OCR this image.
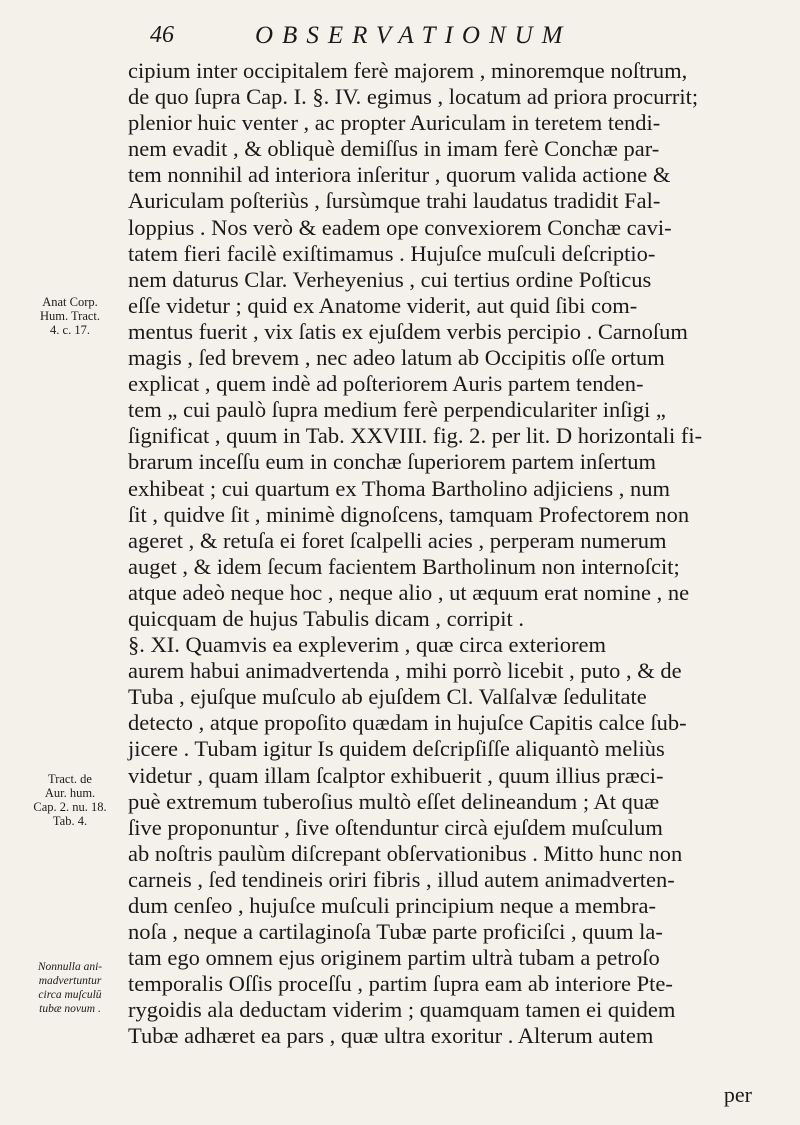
46	OBSERVATIONUM
Anat Corp.
Hum. Tract.
4. c. 17.
Tract. de
Aur. hum.
Cap. 2. nu. 18.
Tab. 4.
Nonnulla ani-
madvertuntur
circa muſculū
tubæ novum .
cipium inter occipitalem ferè majorem , minoremque noſtrum,
de quo ſupra Cap. I. §. IV. egimus , locatum ad priora procurrit;
plenior huic venter , ac propter Auriculam in teretem tendi-
nem evadit , & obliquè demiſſus in imam ferè Conchæ par-
tem nonnihil ad interiora inſeritur , quorum valida actione &
Auriculam poſteriùs , ſursùmque trahi laudatus tradidit Fal-
loppius . Nos verò & eadem ope convexiorem Conchæ cavi-
tatem fieri facilè exiſtimamus . Hujuſce muſculi deſcriptio-
nem daturus Clar. Verheyenius , cui tertius ordine Poſticus
eſſe videtur ; quid ex Anatome viderit, aut quid ſibi com-
mentus fuerit , vix ſatis ex ejuſdem verbis percipio . Carnoſum
magis , ſed brevem , nec adeo latum ab Occipitis oſſe ortum
explicat , quem indè ad poſteriorem Auris partem tenden-
tem „ cui paulò ſupra medium ferè perpendiculariter inſigi „
ſignificat , quum in Tab. XXVIII. fig. 2. per lit. D horizontali fi-
brarum inceſſu eum in conchæ ſuperiorem partem inſertum
exhibeat ; cui quartum ex Thoma Bartholino adjiciens , num
ſit , quidve ſit , minimè dignoſcens, tamquam Profectorem non
ageret , & retuſa ei foret ſcalpelli acies , perperam numerum
auget , & idem ſecum facientem Bartholinum non internoſcit;
atque adeò neque hoc , neque alio , ut æquum erat nomine , ne
quicquam de hujus Tabulis dicam , corripit .
§. XI. Quamvis ea expleverim , quæ circa exteriorem
aurem habui animadvertenda , mihi porrò licebit , puto , & de
Tuba , ejuſque muſculo ab ejuſdem Cl. Valſalvæ ſedulitate
detecto , atque propoſito quædam in hujuſce Capitis calce ſub-
jicere . Tubam igitur Is quidem deſcripſiſſe aliquantò meliùs
videtur , quam illam ſcalptor exhibuerit , quum illius præci-
puè extremum tuberoſius multò eſſet delineandum ; At quæ
ſive proponuntur , ſive oſtenduntur circà ejuſdem muſculum
ab noſtris paulùm diſcrepant obſervationibus . Mitto hunc non
carneis , ſed tendineis oriri fibris , illud autem animadverten-
dum cenſeo , hujuſce muſculi principium neque a membra-
noſa , neque a cartilaginoſa Tubæ parte proficiſci , quum la-
tam ego omnem ejus originem partim ultrà tubam a petroſo
temporalis Oſſis proceſſu , partim ſupra eam ab interiore Pte-
rygoidis ala deductam viderim ; quamquam tamen ei quidem
Tubæ adhæret ea pars , quæ ultra exoritur . Alterum autem
per
